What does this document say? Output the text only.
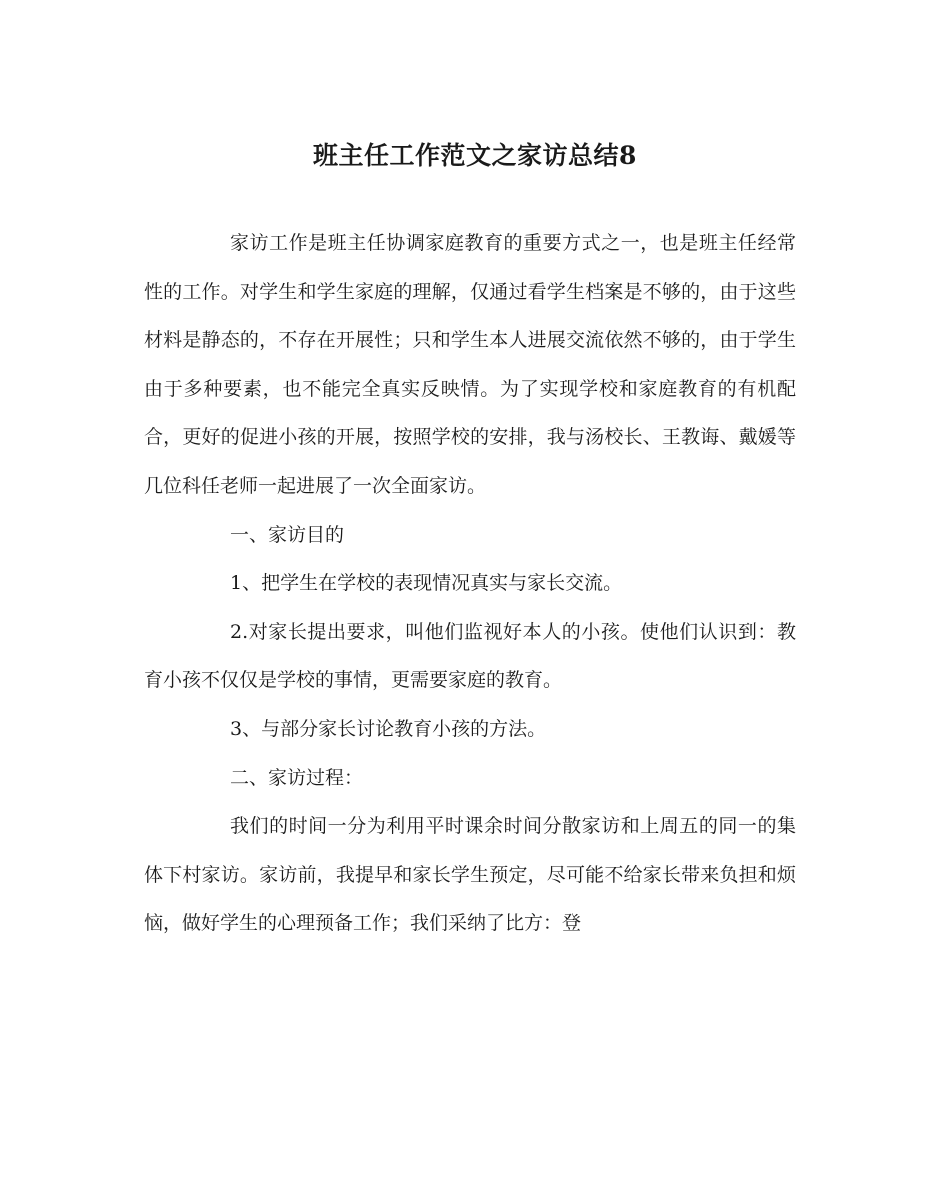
班主任工作范文之家访总结8

家访工作是班主任协调家庭教育的重要方式之一，也是班主任经常性的工作。对学生和学生家庭的理解，仅通过看学生档案是不够的，由于这些材料是静态的，不存在开展性；只和学生本人进展交流依然不够的，由于学生由于多种要素，也不能完全真实反映情。为了实现学校和家庭教育的有机配合，更好的促进小孩的开展，按照学校的安排，我与汤校长、王教诲、戴媛等几位科任老师一起进展了一次全面家访。

一、家访目的

1、把学生在学校的表现情况真实与家长交流。

2.对家长提出要求，叫他们监视好本人的小孩。使他们认识到：教育小孩不仅仅是学校的事情，更需要家庭的教育。

3、与部分家长讨论教育小孩的方法。

二、家访过程：

我们的时间一分为利用平时课余时间分散家访和上周五的同一的集体下村家访。家访前，我提早和家长学生预定，尽可能不给家长带来负担和烦恼，做好学生的心理预备工作；我们采纳了比方：登
